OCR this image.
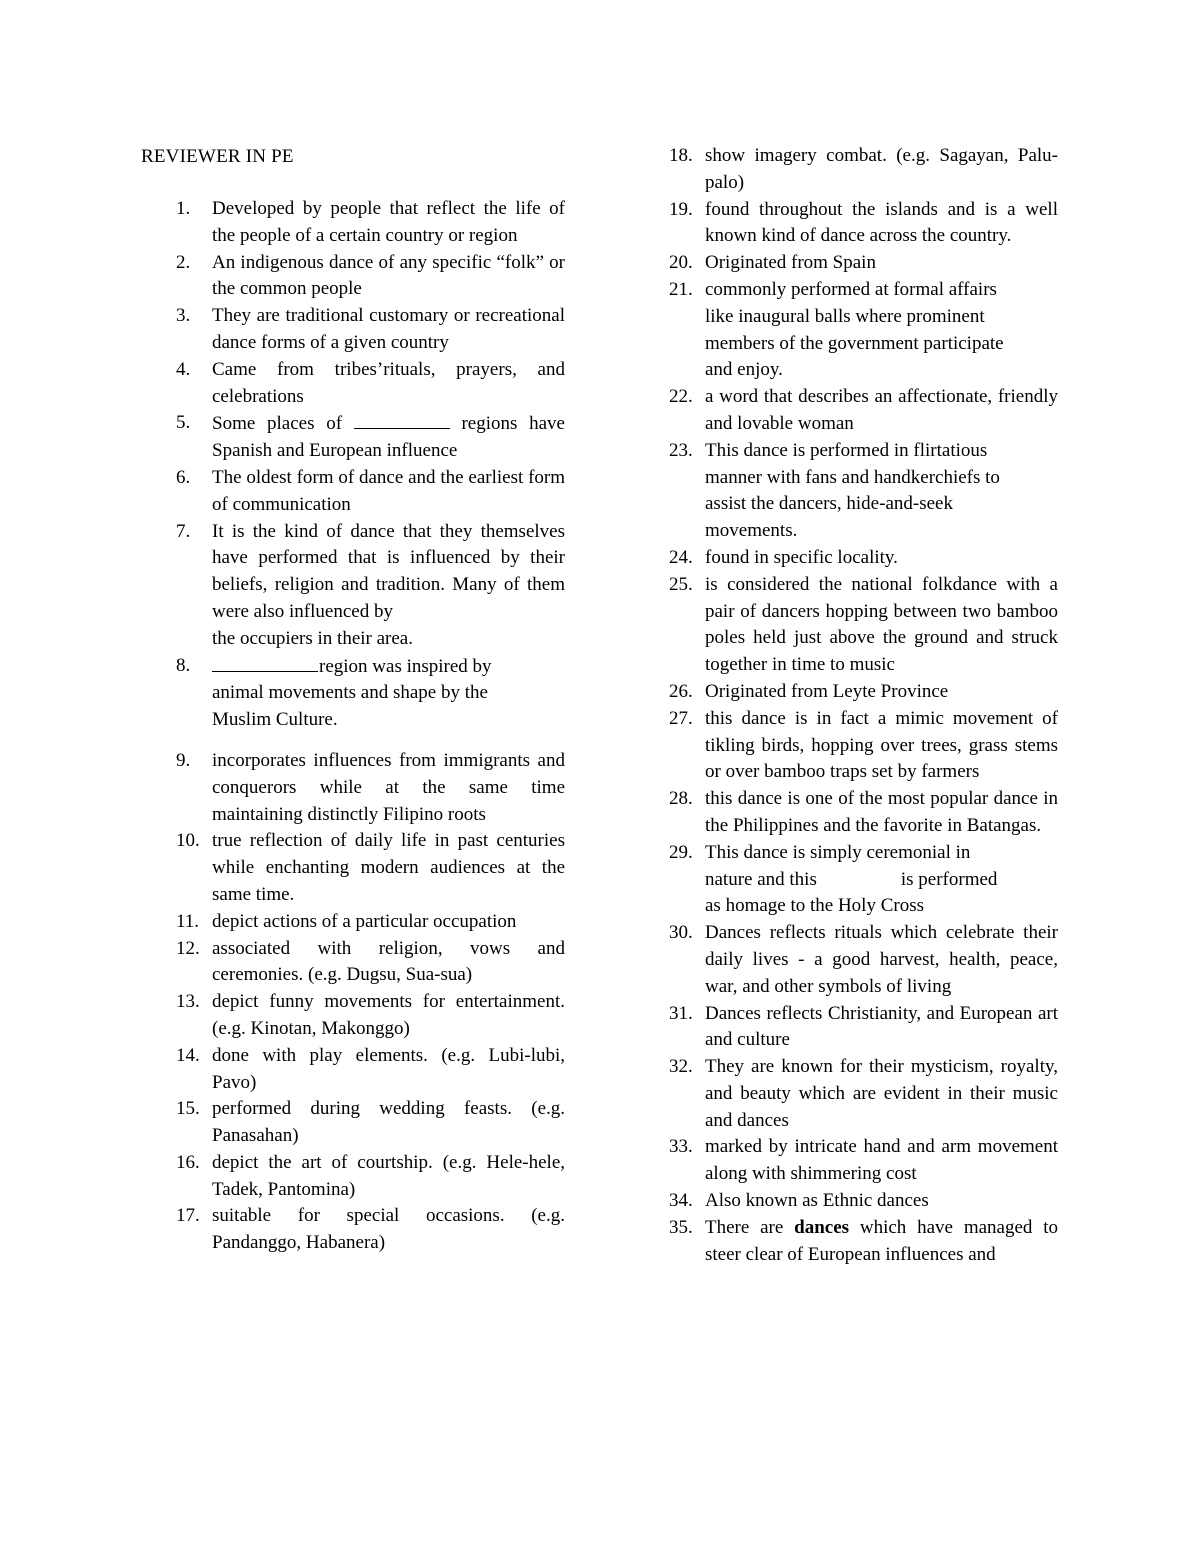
REVIEWER IN PE
1.	Developed by people that reflect the life of the people of a certain country or region
2.	An indigenous dance of any specific “folk” or the common people
3.	They are traditional customary or recreational dance forms of a given country
4.	Came from tribes’rituals, prayers, and celebrations
5.	Some places of	regions have Spanish and European influence
6.	The oldest form of dance and the earliest form of communication
7.	It is the kind of dance that they themselves have performed that is influenced by their beliefs, religion and tradition. Many of them were also influenced by
the occupiers in their area.
8.	region was inspired by
animal movements and shape by the
Muslim Culture.
9.	incorporates influences from immigrants and conquerors while at the same time maintaining distinctly Filipino roots
10. true reflection of daily life in past centuries while enchanting modern audiences at the same time.
11. depict actions of a particular occupation
12. associated with religion, vows and ceremonies. (e.g. Dugsu, Sua-sua)
13. depict funny movements for entertainment. (e.g. Kinotan, Makonggo)
14. done with play elements. (e.g. Lubi-lubi, Pavo)
15. performed during wedding feasts. (e.g. Panasahan)
16. depict the art of courtship. (e.g. Hele-hele, Tadek, Pantomina)
17. suitable for special occasions. (e.g. Pandanggo, Habanera)
18. show imagery combat. (e.g. Sagayan, Palu-palo)
19. found throughout the islands and is a well known kind of dance across the country.
20. Originated from Spain
21. commonly performed at formal affairs
like inaugural balls where prominent
members of the government participate
and enjoy.
22. a word that describes an affectionate, friendly and lovable woman
23. This dance is performed in flirtatious
manner with fans and handkerchiefs to
assist the dancers, hide-and-seek
movements.
24. found in specific locality.
25. is considered the national folkdance with a pair of dancers hopping between two bamboo poles held just above the ground and struck together in time to music
26. Originated from Leyte Province
27. this dance is in fact a mimic movement of tikling birds, hopping over trees, grass stems or over bamboo traps set by farmers
28. this dance is one of the most popular dance in the Philippines and the favorite in Batangas.
29. This dance is simply ceremonial in
nature and this	is performed
as homage to the Holy Cross
30. Dances reflects rituals which celebrate their daily lives - a good harvest, health, peace, war, and other symbols of living
31. Dances reflects Christianity, and European art and culture
32. They are known for their mysticism, royalty, and beauty which are evident in their music and dances
33. marked by intricate hand and arm movement along with shimmering cost
34. Also known as Ethnic dances
35. There are dances which have managed to steer clear of European influences and
